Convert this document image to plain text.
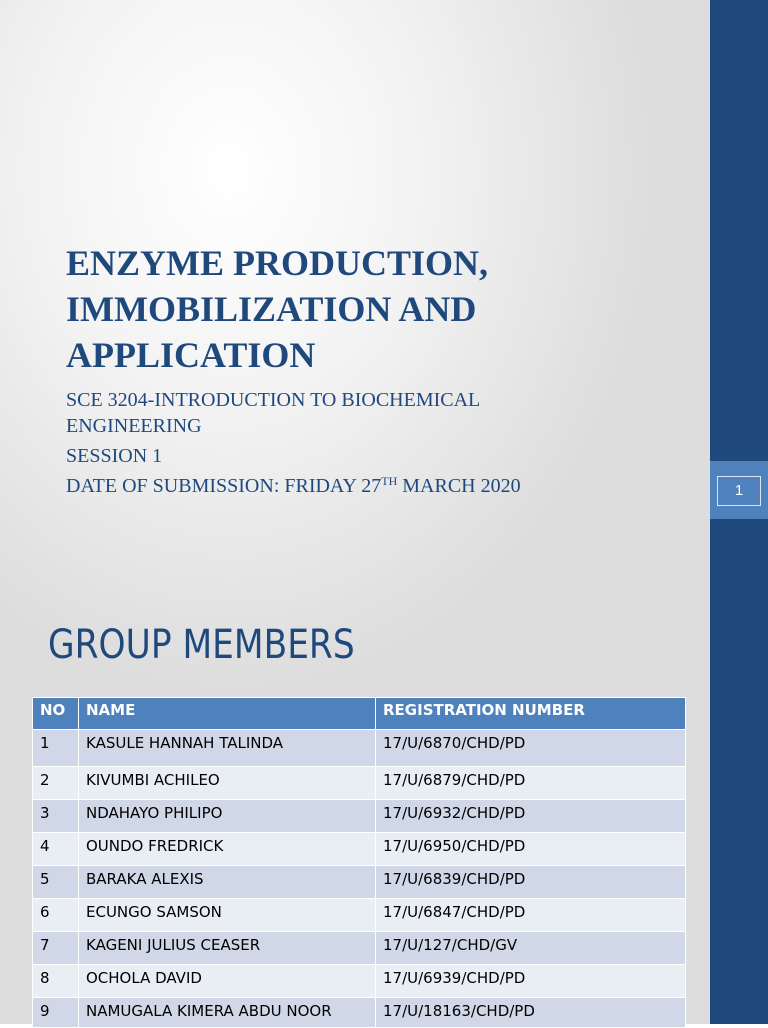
1
ENZYME PRODUCTION,
IMMOBILIZATION AND
APPLICATION
SCE 3204-INTRODUCTION TO BIOCHEMICAL
ENGINEERING
SESSION 1
DATE OF SUBMISSION: FRIDAY 27TH MARCH 2020
GROUP MEMBERS
NO	NAME	REGISTRATION NUMBER
1	KASULE HANNAH TALINDA	17/U/6870/CHD/PD
2	KIVUMBI ACHILEO	17/U/6879/CHD/PD
3	NDAHAYO PHILIPO	17/U/6932/CHD/PD
4	OUNDO FREDRICK	17/U/6950/CHD/PD
5	BARAKA ALEXIS	17/U/6839/CHD/PD
6	ECUNGO SAMSON	17/U/6847/CHD/PD
7	KAGENI JULIUS CEASER	17/U/127/CHD/GV
8	OCHOLA DAVID	17/U/6939/CHD/PD
9	NAMUGALA KIMERA ABDU NOOR	17/U/18163/CHD/PD
